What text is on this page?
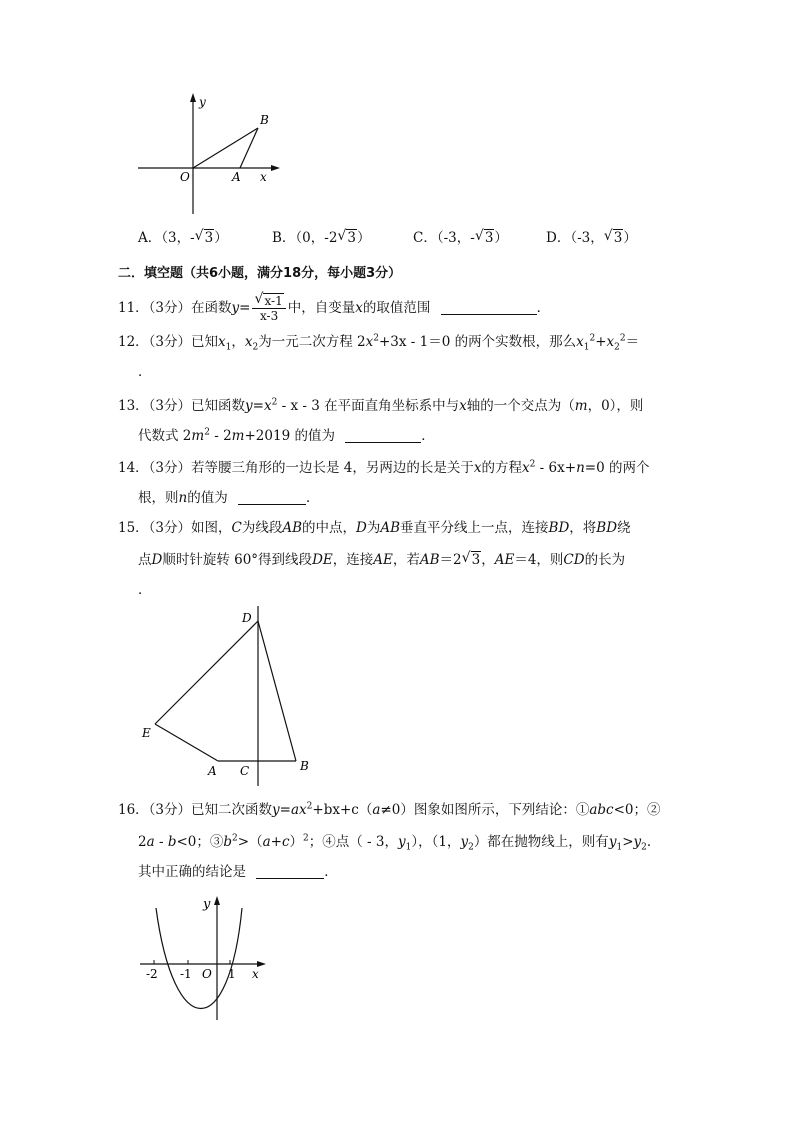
y
B
O	A x
A．（3，- √ 3）	B．（0，-2 √ 3）	C．（-3，- √ 3）	D．（-3， √ 3）
二．填空题（共6小题，满分18分，每小题3分）
11．（3分）在函数$y= \frac{√ x-1}{x-3}$ 中，自变量x的取值范围	．
12．（3分）已知$x_1$，$x_2$为一元二次方程 $2x^2+3x - 1=0$ 的两个实数根，那么$x_1^2+x_2^2=$
．
13．（3分）已知函数$y=x^2 - x - 3$ 在平面直角坐标系中与x轴的一个交点为（m，0），则
代数式 $2m^2 - 2m+2019$ 的值为	．
14．（3分）若等腰三角形的一边长是 4，另两边的长是关于x的方程$x^2 - 6x+n=0$ 的两个
根，则n的值为	．
15．（3分）如图，C为线段AB的中点，D为AB垂直平分线上一点，连接BD，将BD绕
点D顺时针旋转 60°得到线段DE，连接AE，若AB＝2 √ 3，AE＝4，则CD的长为
．
D
E
A C	B
16．（3分）已知二次函数$y=ax^2+bx+c(a\ne 0)$图象如图所示，下列结论：①abc<0；②
2a - b<0；$③b^2>(a+c)^2$；④点（ - 3，$y_1$），（1，$y_2$）都在抛物线上，则有$y_1>y_2$．
其中正确的结论是	．
y
-2 -1 O 1 x
